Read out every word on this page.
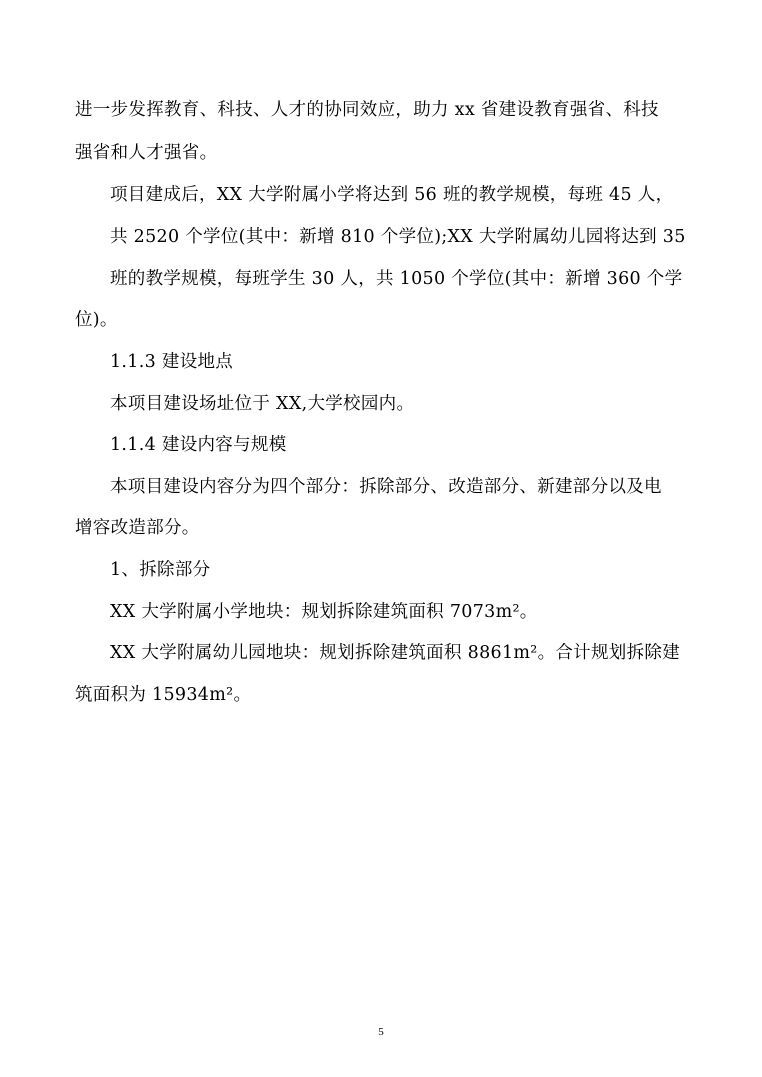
进一步发挥教育、科技、人才的协同效应，助力 xx 省建设教育强省、科技
强省和人才强省。
项目建成后，XX 大学附属小学将达到 56 班的教学规模，每班 45 人，
共 2520 个学位(其中：新增 810 个学位);XX 大学附属幼儿园将达到 35
班的教学规模，每班学生 30 人，共 1050 个学位(其中：新增 360 个学
位)。
1.1.3 建设地点
本项目建设场址位于 XX,大学校园内。
1.1.4 建设内容与规模
本项目建设内容分为四个部分：拆除部分、改造部分、新建部分以及电
增容改造部分。
1、拆除部分
XX 大学附属小学地块：规划拆除建筑面积 7073m²。
XX 大学附属幼儿园地块：规划拆除建筑面积 8861m²。合计规划拆除建
筑面积为 15934m²。
5
